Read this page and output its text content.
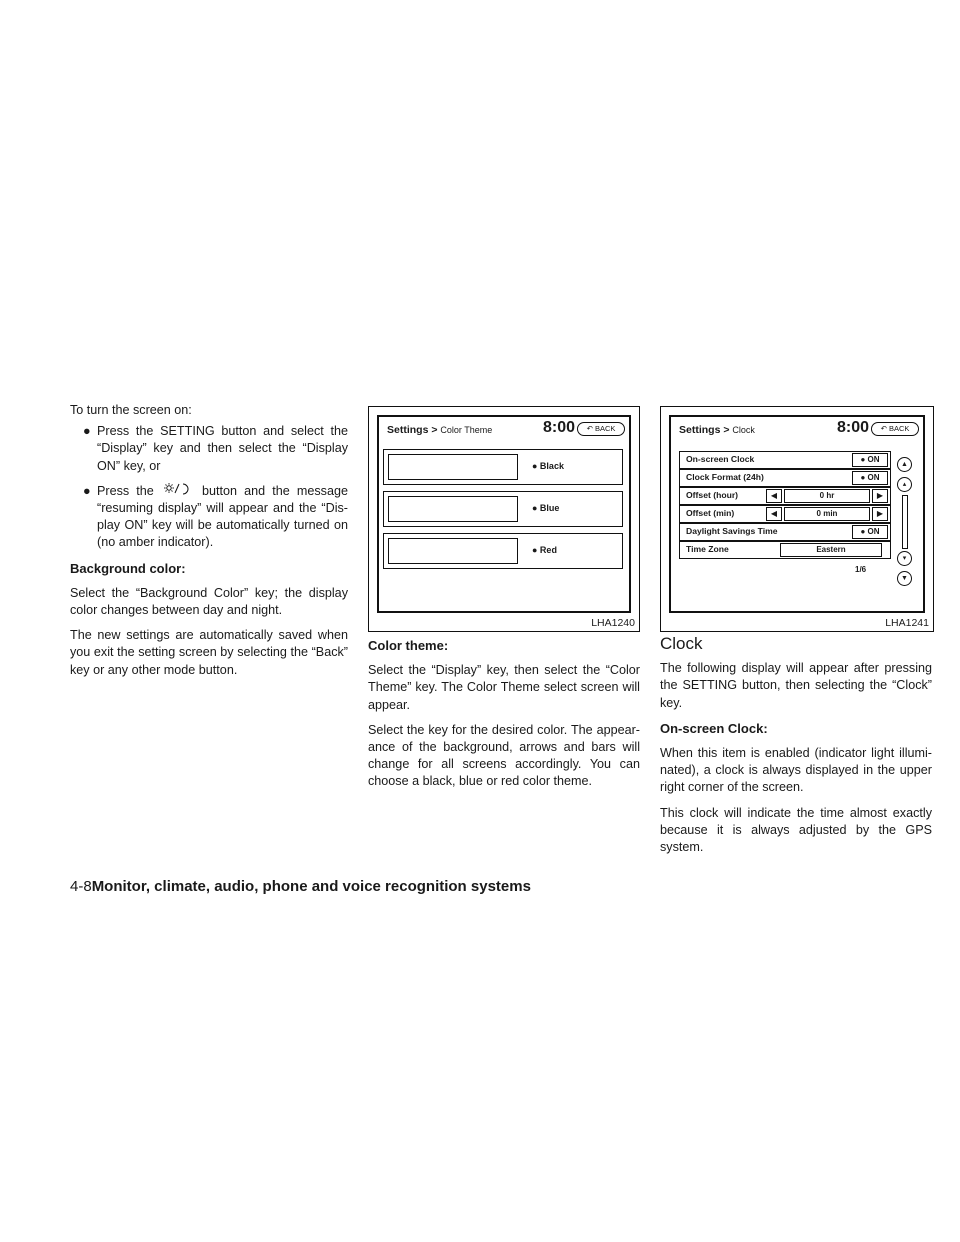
To turn the screen on:

● Press the SETTING button and select the “Display” key and then select the “Display ON” key, or
● Press the	button and the message “resuming display” will appear and the “Dis- play ON” key will be automatically turned on (no amber indicator).
Background color:

Select the “Background Color” key; the display color changes between day and night.

The new settings are automatically saved when you exit the setting screen by selecting the “Back” key or any other mode button.

Settings > Color Theme	8:00	↶ BACK
● Black
● Blue
● Red
LHA1240
Color theme:

Select the “Display” key, then select the “Color Theme” key. The Color Theme select screen will appear.

Select the key for the desired color. The appear- ance of the background, arrows and bars will change for all screens accordingly. You can choose a black, blue or red color theme.

Settings > Clock	8:00	↶ BACK
On-screen Clock	● ON
Clock Format (24h)	● ON
Offset (hour)	◀	0 hr	▶
Offset (min)	◀	0 min	▶
Daylight Savings Time	● ON
Time Zone	Eastern
1/6
▲
▴
▾
▼
LHA1241
Clock

The following display will appear after pressing the SETTING button, then selecting the “Clock” key.

On-screen Clock:

When this item is enabled (indicator light illumi- nated), a clock is always displayed in the upper right corner of the screen.

This clock will indicate the time almost exactly because it is always adjusted by the GPS system.

4-8Monitor, climate, audio, phone and voice recognition systems
